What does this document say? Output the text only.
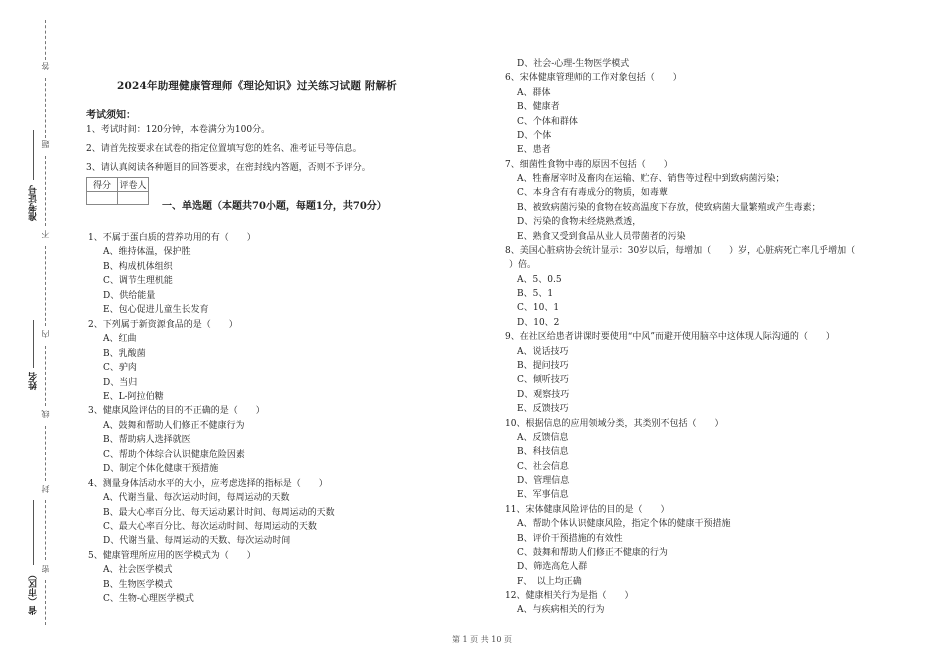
答
题
不
内
线
封
密
准考证号
姓名
省（市区）
2024年助理健康管理师《理论知识》过关练习试题 附解析
考试须知：
1、考试时间：120分钟，本卷满分为100分。
2、请首先按要求在试卷的指定位置填写您的姓名、准考证号等信息。
3、请认真阅读各种题目的回答要求，在密封线内答题，否则不予评分。
得分	评卷人

一、单选题（本题共70小题，每题1分，共70分）
1、不属于蛋白质的营养功用的有（　　）
A、维持体温，保护胜
B、构成机体组织
C、调节生理机能
D、供给能量
E、包心促进儿童生长发育
2、下列属于新资源食品的是（　　）
A、红曲
B、乳酸菌
C、驴肉
D、当归
E、L-阿拉伯糖
3、健康风险评估的目的不正确的是（　　）
A、鼓舞和帮助人们修正不健康行为
B、帮助病人选择就医
C、帮助个体综合认识健康危险因素
D、制定个体化健康干预措施
4、测量身体活动水平的大小，应考虑选择的指标是（　　）
A、代谢当量、每次运动时间，每周运动的天数
B、最大心率百分比、每天运动累计时间、每周运动的天数
C、最大心率百分比、每次运动时间、每周运动的天数
D、代谢当量、每周运动的天数、每次运动时间
5、健康管理所应用的医学模式为（　　）
A、社会医学模式
B、生物医学模式
C、生物-心理医学模式
D、社会-心理-生物医学模式
6、宋体健康管理师的工作对象包括（　　）
A、群体
B、健康者
C、个体和群体
D、个体
E、患者
7、细菌性食物中毒的原因不包括（　　）
A、牲畜屠宰时及畜肉在运输、贮存、销售等过程中到致病菌污染；
C、本身含有有毒成分的物质，如毒蕈
B、被致病菌污染的食物在较高温度下存放，使致病菌大量繁殖或产生毒素；
D、污染的食物未经烧熟煮透，
E、熟食又受到食品从业人员带菌者的污染
8、美国心脏病协会统计显示：30岁以后，每增加（　　）岁，心脏病死亡率几乎增加（
）倍。
A、5、0.5
B、5、1
C、10、1
D、10、2
9、在社区给患者讲课时要使用“中风”而避开使用脑卒中这体现人际沟通的（　　）
A、说话技巧
B、提问技巧
C、倾听技巧
D、观察技巧
E、反馈技巧
10、根据信息的应用领域分类，其类别不包括（　　）
A、反馈信息
B、科技信息
C、社会信息
D、管理信息
E、军事信息
11、宋体健康风险评估的目的是（　　）
A、帮助个体认识健康风险，指定个体的健康干预措施
B、评价干预措施的有效性
C、鼓舞和帮助人们修正不健康的行为
D、筛选高危人群
F、　以上均正确
12、健康相关行为是指（　　）
A、与疾病相关的行为
第 1 页 共 10 页
